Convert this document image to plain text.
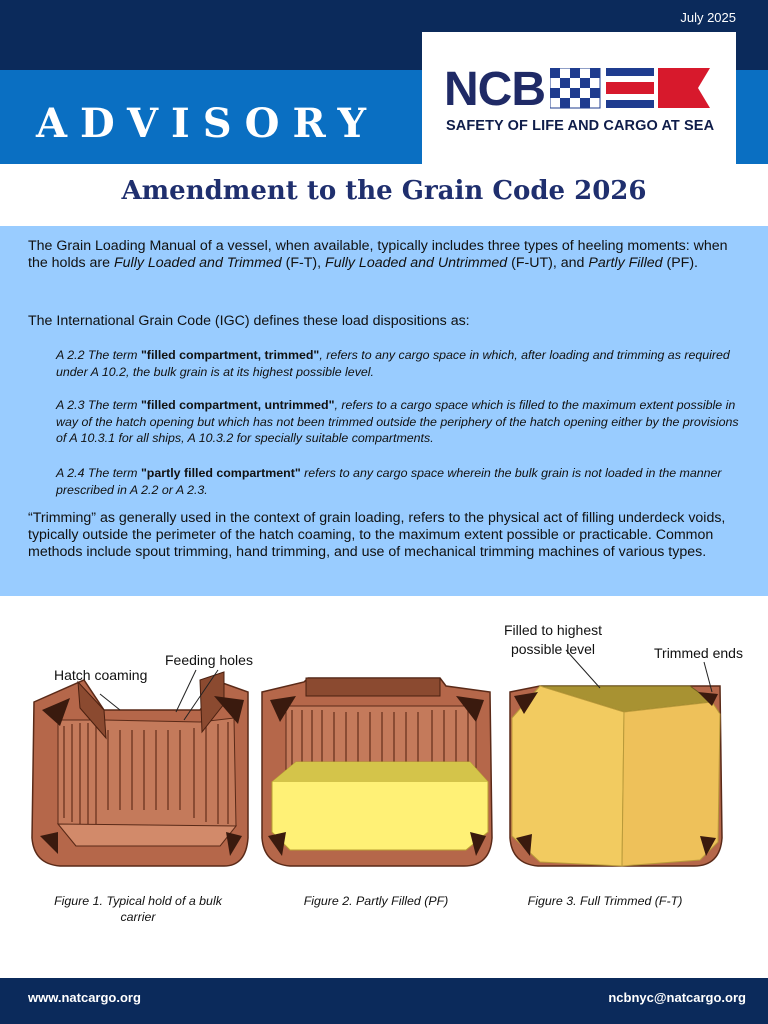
July 2025
ADVISORY
NCB
SAFETY OF LIFE AND CARGO AT SEA
Amendment to the Grain Code 2026

The Grain Loading Manual of a vessel, when available, typically includes three types of heeling moments: when the holds are Fully Loaded and Trimmed (F-T), Fully Loaded and Untrimmed (F-UT), and Partly Filled (PF).

The International Grain Code (IGC) defines these load dispositions as:

A 2.2 The term "filled compartment, trimmed", refers to any cargo space in which, after loading and trimming as required under A 10.2, the bulk grain is at its highest possible level.

A 2.3 The term "filled compartment, untrimmed", refers to a cargo space which is filled to the maximum extent possible in way of the hatch opening but which has not been trimmed outside the periphery of the hatch opening either by the provisions of A 10.3.1 for all ships, A 10.3.2 for specially suitable compartments.

A 2.4 The term "partly filled compartment" refers to any cargo space wherein the bulk grain is not loaded in the manner prescribed in A 2.2 or A 2.3.

“Trimming” as generally used in the context of grain loading, refers to the physical act of filling underdeck voids, typically outside the perimeter of the hatch coaming, to the maximum extent possible or practicable. Common methods include spout trimming, hand trimming, and use of mechanical trimming machines of various types.

Hatch coaming
Feeding holes
Filled to highest
possible level	Trimmed ends
Figure 1. Typical hold of a bulk
carrier
Figure 2. Partly Filled (PF)	Figure 3. Full Trimmed (F-T)
www.natcargo.org	ncbnyc@natcargo.org
